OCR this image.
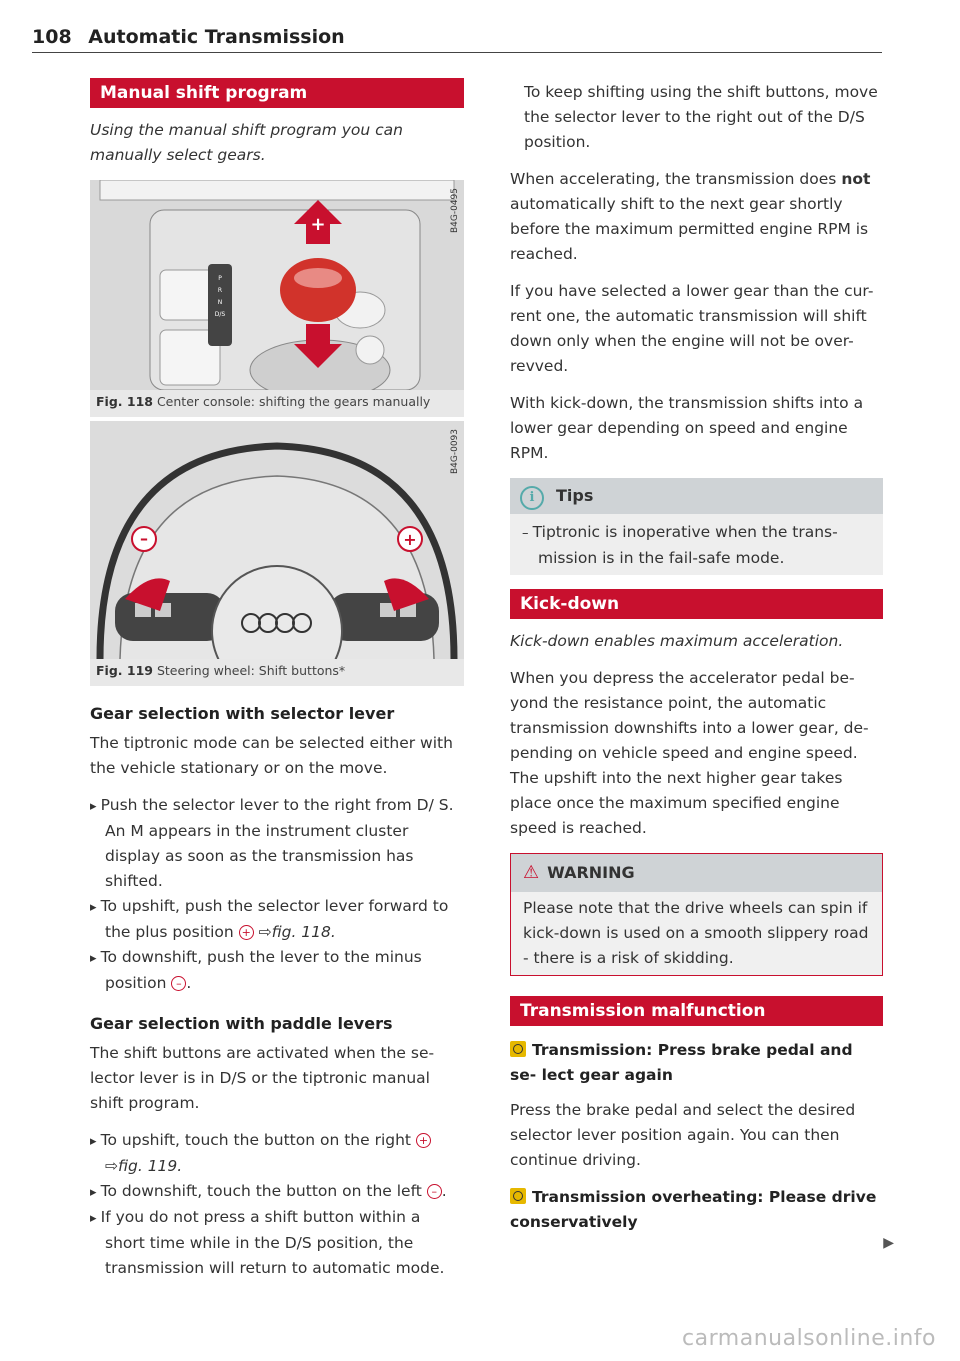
108 Automatic Transmission
Manual shift program
Using the manual shift program you can manually select gears.
P
R
N
D/S
+	B4G-0495
Fig. 118 Center console: shifting the gears manually
–	+
B4G-0093
Fig. 119 Steering wheel: Shift buttons*
Gear selection with selector lever

The tiptronic mode can be selected either with the vehicle stationary or on the move.

▸ Push the selector lever to the right from D/ S. An M appears in the instrument cluster display as soon as the transmission has shifted.
▸ To upshift, push the selector lever forward to the plus position + ⇨fig. 118.
▸ To downshift, push the lever to the minus position – .
Gear selection with paddle levers

The shift buttons are activated when the se- lector lever is in D/S or the tiptronic manual shift program.

▸ To upshift, touch the button on the right + ⇨fig. 119.
▸ To downshift, touch the button on the left – .
▸ If you do not press a shift button within a short time while in the D/S position, the transmission will return to automatic mode.

To keep shifting using the shift buttons, move the selector lever to the right out of the D/S position.

When accelerating, the transmission does not automatically shift to the next gear shortly before the maximum permitted engine RPM is reached.

If you have selected a lower gear than the cur- rent one, the automatic transmission will shift down only when the engine will not be over- revved.

With kick-down, the transmission shifts into a lower gear depending on speed and engine RPM.

i Tips
– Tiptronic is inoperative when the trans- mission is in the fail-safe mode.
Kick-down
Kick-down enables maximum acceleration.

When you depress the accelerator pedal be- yond the resistance point, the automatic transmission downshifts into a lower gear, de- pending on vehicle speed and engine speed. The upshift into the next higher gear takes place once the maximum specified engine speed is reached.

⚠ WARNING

Please note that the drive wheels can spin if kick-down is used on a smooth slippery road - there is a risk of skidding.

Transmission malfunction
Transmission: Press brake pedal and se- lect gear again

Press the brake pedal and select the desired selector lever position again. You can then continue driving.

Transmission overheating: Please drive conservatively
▶
carmanualsonline.info
